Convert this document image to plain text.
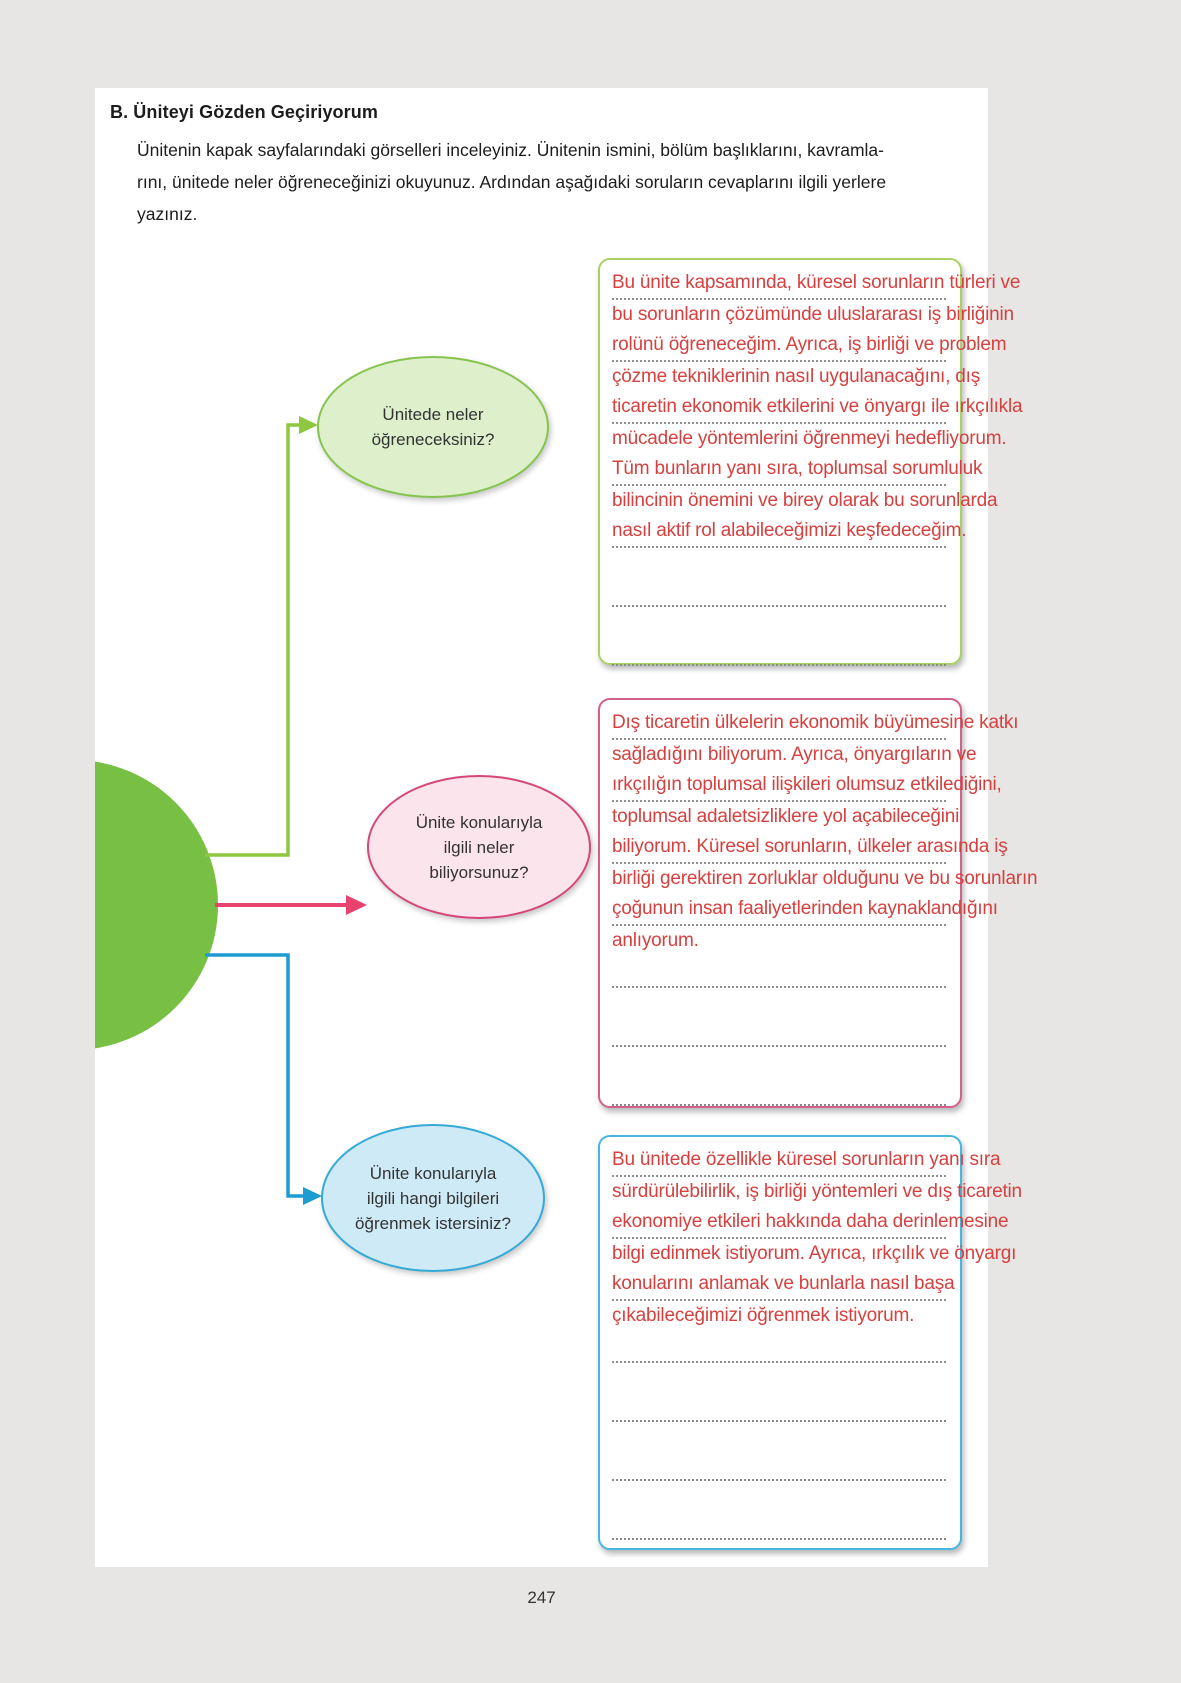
B. Üniteyi Gözden Geçiriyorum
Ünitenin kapak sayfalarındaki görselleri inceleyiniz. Ünitenin ismini, bölüm başlıklarını, kavramla-
rını, ünitede neler öğreneceğinizi okuyunuz. Ardından aşağıdaki soruların cevaplarını ilgili yerlere
yazınız.
Ünitede neler
öğreneceksiniz?
Bu ünite kapsamında, küresel sorunların türleri ve
bu sorunların çözümünde uluslararası iş birliğinin
rolünü öğreneceğim. Ayrıca, iş birliği ve problem
çözme tekniklerinin nasıl uygulanacağını, dış
ticaretin ekonomik etkilerini ve önyargı ile ırkçılıkla
mücadele yöntemlerini öğrenmeyi hedefliyorum.
Tüm bunların yanı sıra, toplumsal sorumluluk
bilincinin önemini ve birey olarak bu sorunlarda
nasıl aktif rol alabileceğimizi keşfedeceğim.
Ünite konularıyla
ilgili neler
biliyorsunuz?
Dış ticaretin ülkelerin ekonomik büyümesine katkı
sağladığını biliyorum. Ayrıca, önyargıların ve
ırkçılığın toplumsal ilişkileri olumsuz etkilediğini,
toplumsal adaletsizliklere yol açabileceğini
biliyorum. Küresel sorunların, ülkeler arasında iş
birliği gerektiren zorluklar olduğunu ve bu sorunların
çoğunun insan faaliyetlerinden kaynaklandığını
anlıyorum.
Ünite konularıyla
ilgili hangi bilgileri
öğrenmek istersiniz?
Bu ünitede özellikle küresel sorunların yanı sıra
sürdürülebilirlik, iş birliği yöntemleri ve dış ticaretin
ekonomiye etkileri hakkında daha derinlemesine
bilgi edinmek istiyorum. Ayrıca, ırkçılık ve önyargı
konularını anlamak ve bunlarla nasıl başa
çıkabileceğimizi öğrenmek istiyorum.
247
